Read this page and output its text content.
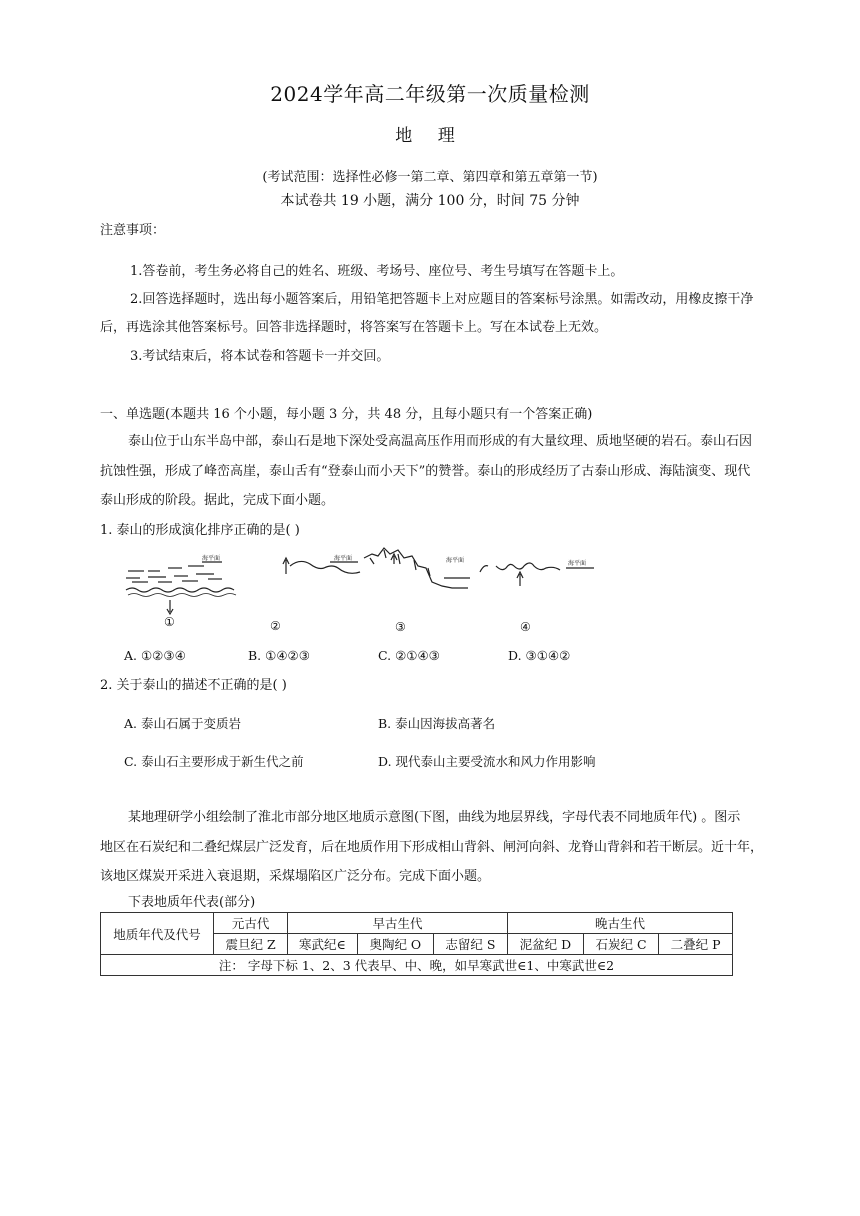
2024学年高二年级第一次质量检测
地 理
(考试范围：选择性必修一第二章、第四章和第五章第一节)
本试卷共 19 小题，满分 100 分，时间 75 分钟
注意事项：
1.答卷前，考生务必将自己的姓名、班级、考场号、座位号、考生号填写在答题卡上。
2.回答选择题时，选出每小题答案后，用铅笔把答题卡上对应题目的答案标号涂黑。如需改动，用橡皮擦干净
后，再选涂其他答案标号。回答非选择题时，将答案写在答题卡上。写在本试卷上无效。
3.考试结束后，将本试卷和答题卡一并交回。
一、单选题(本题共 16 个小题，每小题 3 分，共 48 分，且每小题只有一个答案正确)
泰山位于山东半岛中部，泰山石是地下深处受高温高压作用而形成的有大量纹理、质地坚硬的岩石。泰山石因
抗蚀性强，形成了峰峦高崖，泰山舌有“登泰山而小天下”的赞誉。泰山的形成经历了古泰山形成、海陆演变、现代
泰山形成的阶段。据此，完成下面小题。
1. 泰山的形成演化排序正确的是( )
海平面	海平面	海平面	海平面
①	②	③	④
A. ①②③④	B. ①④②③	C. ②①④③	D. ③①④②
2. 关于泰山的描述不正确的是( )
A. 泰山石属于变质岩	B. 泰山因海拔高著名
C. 泰山石主要形成于新生代之前	D. 现代泰山主要受流水和风力作用影响
某地理研学小组绘制了淮北市部分地区地质示意图(下图，曲线为地层界线，字母代表不同地质年代) 。图示
地区在石炭纪和二叠纪煤层广泛发育，后在地质作用下形成相山背斜、闸河向斜、龙脊山背斜和若干断层。近十年，
该地区煤炭开采进入衰退期，采煤塌陷区广泛分布。完成下面小题。
下表地质年代表(部分)
地质年代及代号	元古代	早古生代			晚古生代		
	震旦纪 Z	寒武纪∈	奥陶纪 O	志留纪 S	泥盆纪 D	石炭纪 C	二叠纪 P
注： 字母下标 1、2、3 代表早、中、晚，如早寒武世∈1、中寒武世∈2							
